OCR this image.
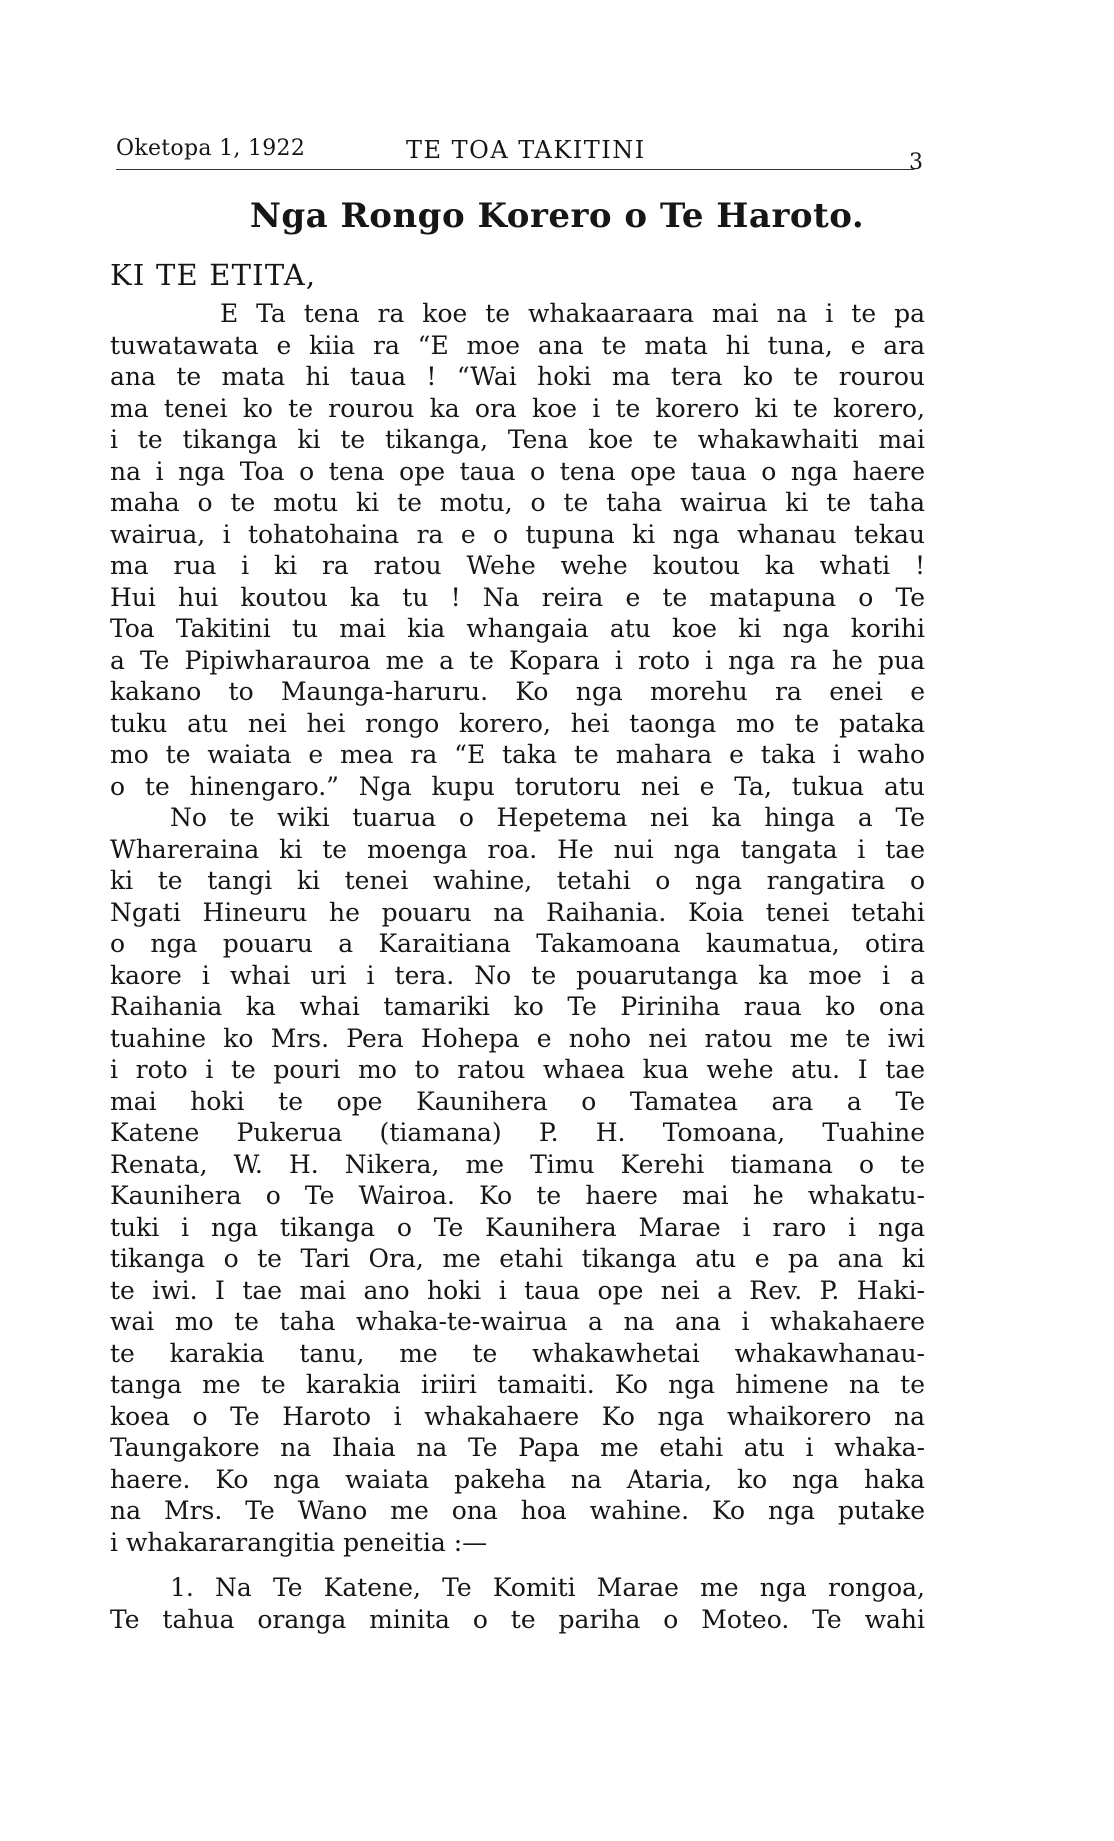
Oketopa 1, 1922	TE TOA TAKITINI	3
Nga Rongo Korero o Te Haroto.
KI TE ETITA,
E Ta tena ra koe te whakaaraara mai na i te pa
tuwatawata e kiia ra “E moe ana te mata hi tuna, e ara
ana te mata hi taua ! “Wai hoki ma tera ko te rourou
ma tenei ko te rourou ka ora koe i te korero ki te korero,
i te tikanga ki te tikanga, Tena koe te whakawhaiti mai
na i nga Toa o tena ope taua o tena ope taua o nga haere
maha o te motu ki te motu, o te taha wairua ki te taha
wairua, i tohatohaina ra e o tupuna ki nga whanau tekau
ma rua i ki ra ratou Wehe wehe koutou ka whati !
Hui hui koutou ka tu ! Na reira e te matapuna o Te
Toa Takitini tu mai kia whangaia atu koe ki nga korihi
a Te Pipiwharauroa me a te Kopara i roto i nga ra he pua
kakano to Maunga-haruru. Ko nga morehu ra enei e
tuku atu nei hei rongo korero, hei taonga mo te pataka
mo te waiata e mea ra “E taka te mahara e taka i waho
o te hinengaro.” Nga kupu torutoru nei e Ta, tukua atu
No te wiki tuarua o Hepetema nei ka hinga a Te
Whareraina ki te moenga roa. He nui nga tangata i tae
ki te tangi ki tenei wahine, tetahi o nga rangatira o
Ngati Hineuru he pouaru na Raihania. Koia tenei tetahi
o nga pouaru a Karaitiana Takamoana kaumatua, otira
kaore i whai uri i tera. No te pouarutanga ka moe i a
Raihania ka whai tamariki ko Te Piriniha raua ko ona
tuahine ko Mrs. Pera Hohepa e noho nei ratou me te iwi
i roto i te pouri mo to ratou whaea kua wehe atu. I tae
mai hoki te ope Kaunihera o Tamatea ara a Te
Katene Pukerua (tiamana) P. H. Tomoana, Tuahine
Renata, W. H. Nikera, me Timu Kerehi tiamana o te
Kaunihera o Te Wairoa. Ko te haere mai he whakatu-
tuki i nga tikanga o Te Kaunihera Marae i raro i nga
tikanga o te Tari Ora, me etahi tikanga atu e pa ana ki
te iwi. I tae mai ano hoki i taua ope nei a Rev. P. Haki-
wai mo te taha whaka-te-wairua a na ana i whakahaere
te karakia tanu, me te whakawhetai whakawhanau-
tanga me te karakia iriiri tamaiti. Ko nga himene na te
koea o Te Haroto i whakahaere Ko nga whaikorero na
Taungakore na Ihaia na Te Papa me etahi atu i whaka-
haere. Ko nga waiata pakeha na Ataria, ko nga haka
na Mrs. Te Wano me ona hoa wahine. Ko nga putake
i whakararangitia peneitia :—
1. Na Te Katene, Te Komiti Marae me nga rongoa,
Te tahua oranga minita o te pariha o Moteo. Te wahi
